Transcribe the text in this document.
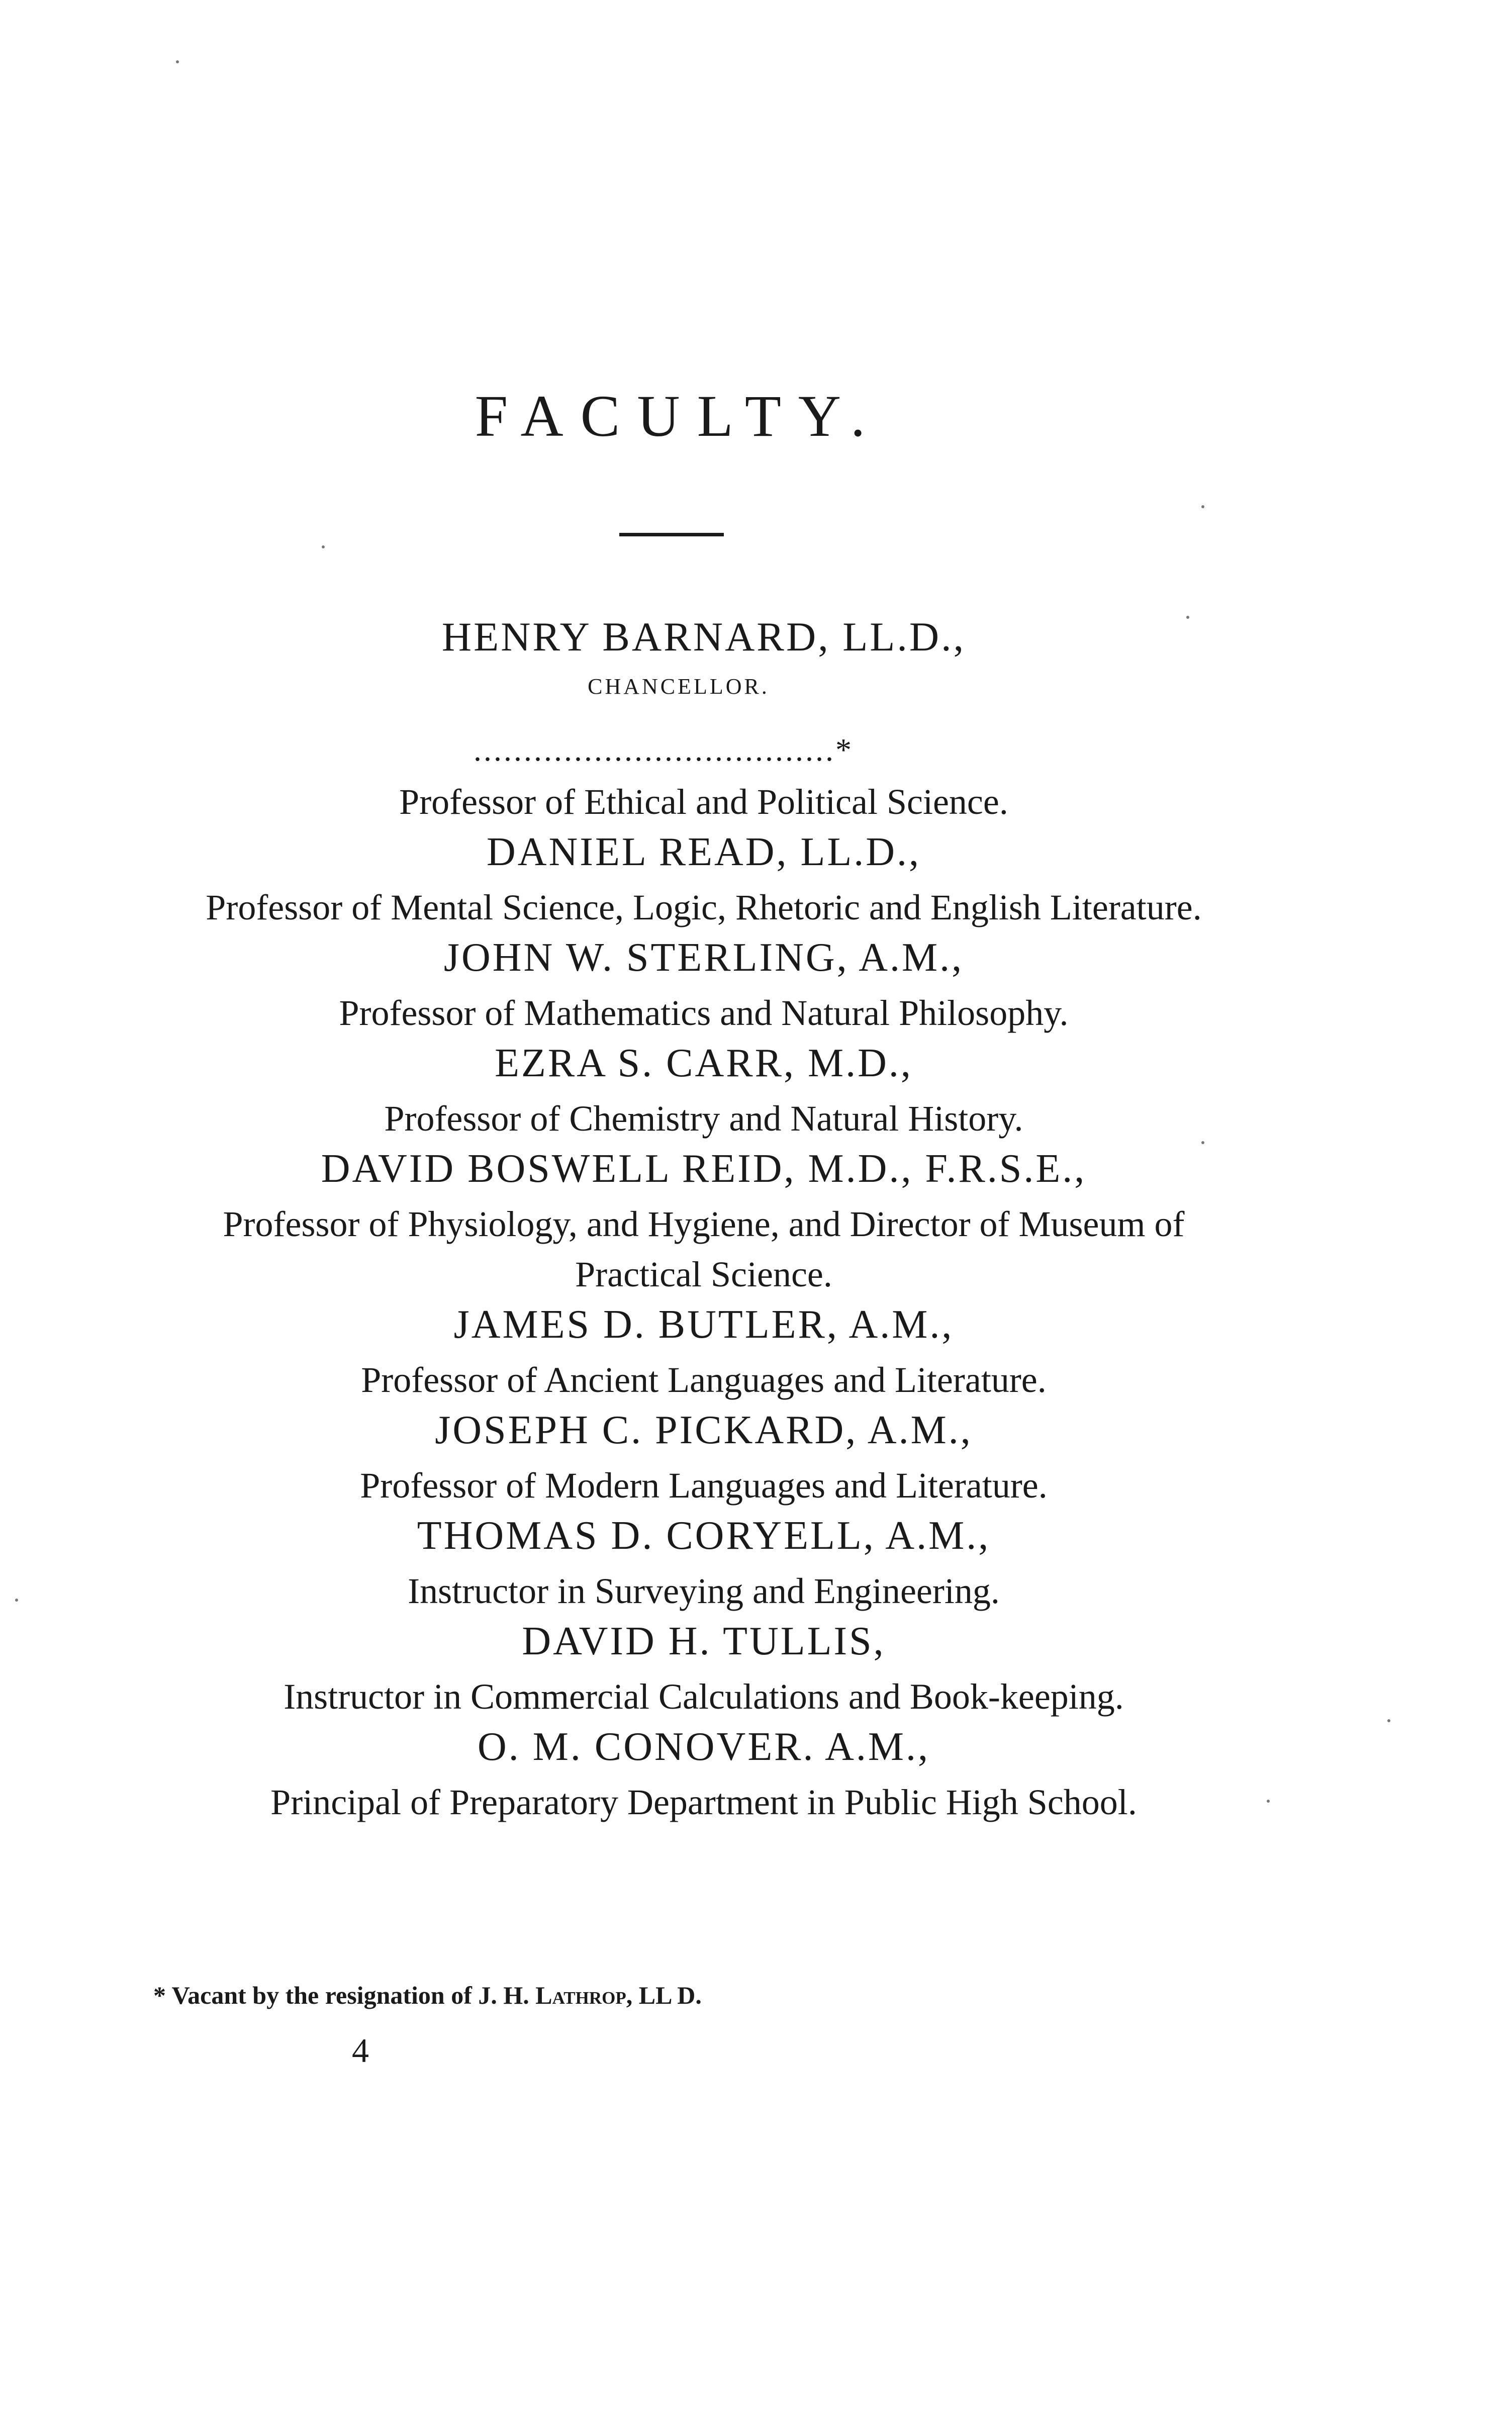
FACULTY.
HENRY BARNARD, LL.D.,
CHANCELLOR.
....................................*
Professor of Ethical and Political Science.
DANIEL READ, LL.D.,
Professor of Mental Science, Logic, Rhetoric and English Literature.
JOHN W. STERLING, A.M.,
Professor of Mathematics and Natural Philosophy.
EZRA S. CARR, M.D.,
Professor of Chemistry and Natural History.
DAVID BOSWELL REID, M.D., F.R.S.E.,
Professor of Physiology, and Hygiene, and Director of Museum of
Practical Science.
JAMES D. BUTLER, A.M.,
Professor of Ancient Languages and Literature.
JOSEPH C. PICKARD, A.M.,
Professor of Modern Languages and Literature.
THOMAS D. CORYELL, A.M.,
Instructor in Surveying and Engineering.
DAVID H. TULLIS,
Instructor in Commercial Calculations and Book-keeping.
O. M. CONOVER. A.M.,
Principal of Preparatory Department in Public High School.
* Vacant by the resignation of J. H. Lathrop, LL D.
4
